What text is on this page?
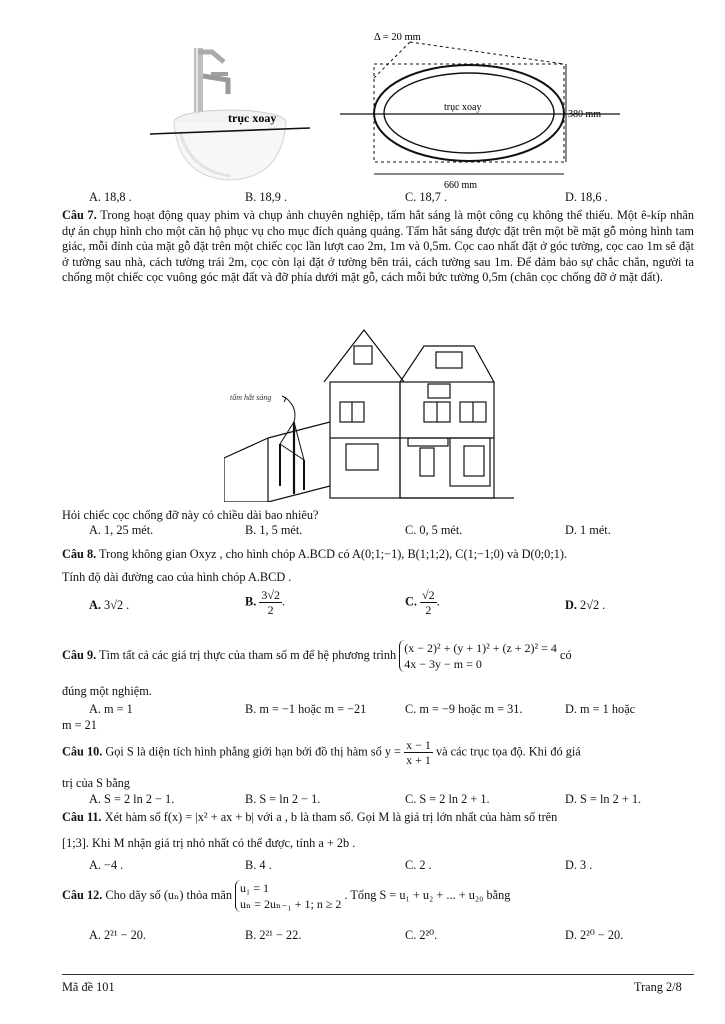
trục xoay
Δ = 20 mm
trục xoay
380 mm
660 mm
A. 18,8 .	B. 18,9 .	C. 18,7 .	D. 18,6 .
Câu 7. Trong hoạt động quay phim và chụp ảnh chuyên nghiệp, tấm hắt sáng là một công cụ không thể thiếu. Một ê-kíp nhân dự án chụp hình cho một căn hộ phục vụ cho mục đích quảng quảng. Tấm hắt sáng được đặt trên một bề mặt gỗ mỏng hình tam giác, mỗi đỉnh của mặt gỗ đặt trên một chiếc cọc lần lượt cao 2m, 1m và 0,5m. Cọc cao nhất đặt ở góc tường, cọc cao 1m sẽ đặt ở tường sau nhà, cách tường trái 2m, cọc còn lại đặt ở tường bên trái, cách tường sau 1m. Để đảm bảo sự chắc chắn, người ta chống một chiếc cọc vuông góc mặt đất và đỡ phía dưới mặt gỗ, cách mỗi bức tường 0,5m (chân cọc chống đỡ ở mặt đất).
tấm hắt sáng
Hỏi chiếc cọc chống đỡ này có chiều dài bao nhiêu?
A. 1, 25 mét.	B. 1, 5 mét.	C. 0, 5 mét.	D. 1 mét.
Câu 8. Trong không gian Oxyz , cho hình chóp A.BCD có A(0;1;−1), B(1;1;2), C(1;−1;0) và D(0;0;1).
Tính độ dài đường cao của hình chóp A.BCD .
A. 3√2 .	B. $\frac{3√2}{2}$ .	C. $\frac{√2}{2}$ .	D. 2√2 .
Câu 9. Tìm tất cả các giá trị thực của tham số m để hệ phương trình (x − 2)² + (y + 1)² + (z + 2)² = 4
4x − 3y − m = 0
có
đúng một nghiệm.
A. m = 1	B. m = −1 hoặc m = −21	C. m = −9 hoặc m = 31.	D. m = 1 hoặc
m = 21
Câu 10. Gọi S là diện tích hình phẳng giới hạn bởi đồ thị hàm số $y = \frac{x - 1}{x + 1}$ và các trục tọa độ. Khi đó giá
trị của S bằng
A. S = 2 ln 2 − 1.	B. S = ln 2 − 1.	C. S = 2 ln 2 + 1.	D. S = ln 2 + 1.
Câu 11. Xét hàm số f(x) = |x² + ax + b| với a , b là tham số. Gọi M là giá trị lớn nhất của hàm số trên
[1;3]. Khi M nhận giá trị nhỏ nhất có thể được, tính a + 2b .
A. −4 .	B. 4 .	C. 2 .	D. 3 .
Câu 12. Cho dãy số (uₙ) thỏa mãn u₁ = 1
uₙ = 2uₙ₋₁ + 1; n ≥ 2
. Tổng S = u₁ + u₂ + ... + u₂₀ bằng
A. 2²¹ − 20.	B. 2²¹ − 22.	C. 2²⁰.	D. 2²⁰ − 20.
Mã đề 101	Trang 2/8
